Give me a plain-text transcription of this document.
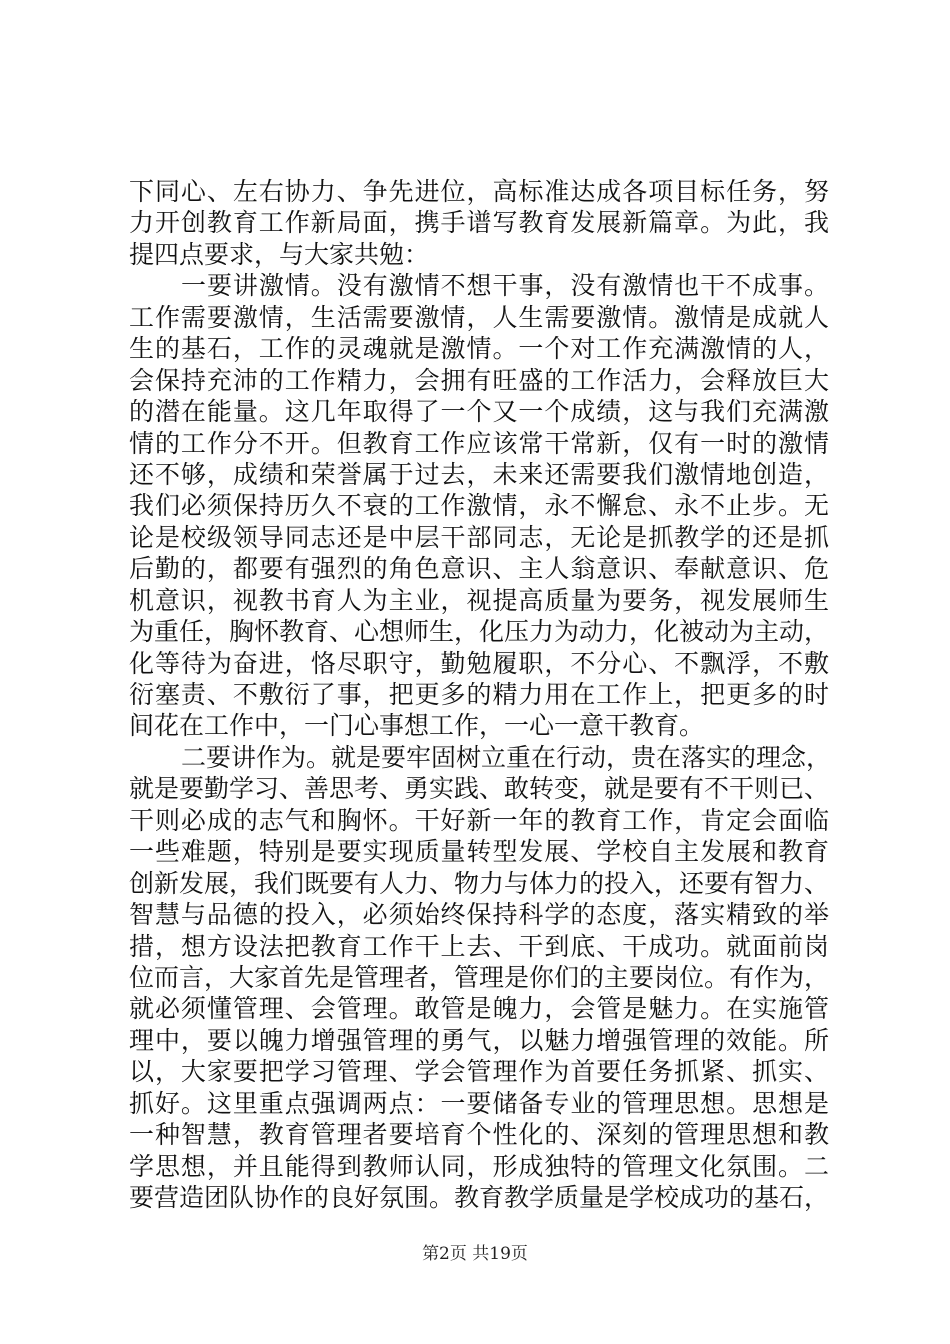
下同心、左右协力、争先进位，高标准达成各项目标任务，努
力开创教育工作新局面，携手谱写教育发展新篇章。为此，我
提四点要求，与大家共勉：
一要讲激情。没有激情不想干事，没有激情也干不成事。
工作需要激情，生活需要激情，人生需要激情。激情是成就人
生的基石，工作的灵魂就是激情。一个对工作充满激情的人，
会保持充沛的工作精力，会拥有旺盛的工作活力，会释放巨大
的潜在能量。这几年取得了一个又一个成绩，这与我们充满激
情的工作分不开。但教育工作应该常干常新，仅有一时的激情
还不够，成绩和荣誉属于过去，未来还需要我们激情地创造，
我们必须保持历久不衰的工作激情，永不懈怠、永不止步。无
论是校级领导同志还是中层干部同志，无论是抓教学的还是抓
后勤的，都要有强烈的角色意识、主人翁意识、奉献意识、危
机意识，视教书育人为主业，视提高质量为要务，视发展师生
为重任，胸怀教育、心想师生，化压力为动力，化被动为主动，
化等待为奋进，恪尽职守，勤勉履职，不分心、不飘浮，不敷
衍塞责、不敷衍了事，把更多的精力用在工作上，把更多的时
间花在工作中，一门心事想工作，一心一意干教育。
二要讲作为。就是要牢固树立重在行动，贵在落实的理念，
就是要勤学习、善思考、勇实践、敢转变，就是要有不干则已、
干则必成的志气和胸怀。干好新一年的教育工作，肯定会面临
一些难题，特别是要实现质量转型发展、学校自主发展和教育
创新发展，我们既要有人力、物力与体力的投入，还要有智力、
智慧与品德的投入，必须始终保持科学的态度，落实精致的举
措，想方设法把教育工作干上去、干到底、干成功。就面前岗
位而言，大家首先是管理者，管理是你们的主要岗位。有作为，
就必须懂管理、会管理。敢管是魄力，会管是魅力。在实施管
理中，要以魄力增强管理的勇气，以魅力增强管理的效能。所
以，大家要把学习管理、学会管理作为首要任务抓紧、抓实、
抓好。这里重点强调两点：一要储备专业的管理思想。思想是
一种智慧，教育管理者要培育个性化的、深刻的管理思想和教
学思想，并且能得到教师认同，形成独特的管理文化氛围。二
要营造团队协作的良好氛围。教育教学质量是学校成功的基石，
第2页 共19页
